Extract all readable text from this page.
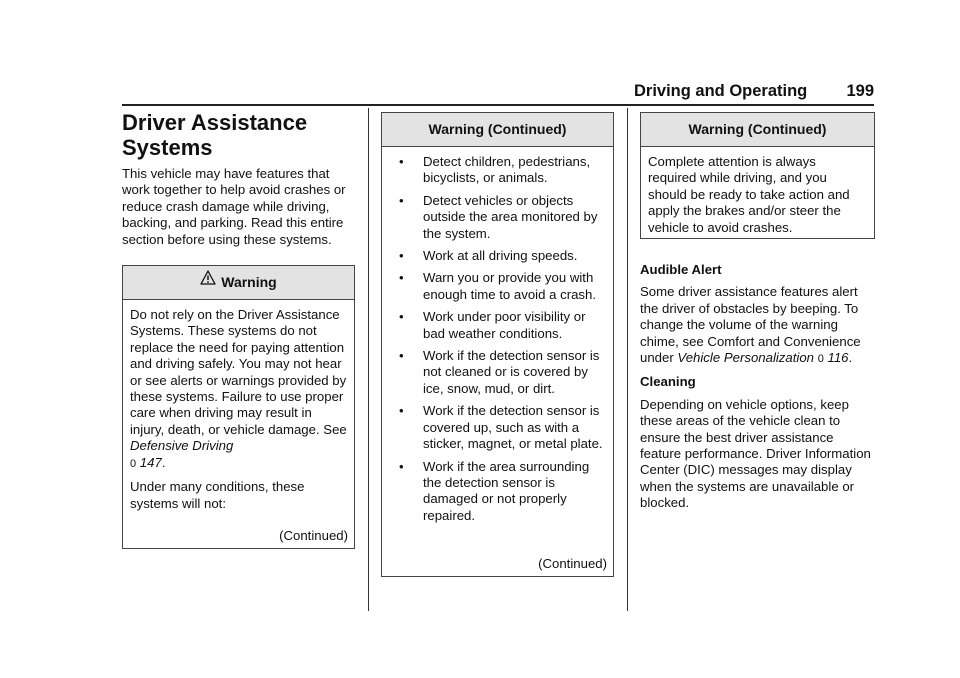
Driving and Operating 199
Driver Assistance
Systems

This vehicle may have features that work together to help avoid crashes or reduce crash damage while driving, backing, and parking. Read this entire section before using these systems.

Warning

Do not rely on the Driver Assistance Systems. These systems do not replace the need for paying attention and driving safely. You may not hear or see alerts or warnings provided by these systems. Failure to use proper care when driving may result in injury, death, or vehicle damage. See Defensive Driving
0 147.

Under many conditions, these systems will not:

(Continued)
Warning (Continued)
• Detect children, pedestrians, bicyclists, or animals.
• Detect vehicles or objects outside the area monitored by the system.
• Work at all driving speeds.
• Warn you or provide you with enough time to avoid a crash.
• Work under poor visibility or bad weather conditions.
• Work if the detection sensor is not cleaned or is covered by ice, snow, mud, or dirt.
• Work if the detection sensor is covered up, such as with a sticker, magnet, or metal plate.
• Work if the area surrounding the detection sensor is damaged or not properly repaired.
(Continued)
Warning (Continued)

Complete attention is always required while driving, and you should be ready to take action and apply the brakes and/or steer the vehicle to avoid crashes.

Audible Alert

Some driver assistance features alert the driver of obstacles by beeping. To change the volume of the warning chime, see Comfort and Convenience under Vehicle Personalization 0 116.

Cleaning

Depending on vehicle options, keep these areas of the vehicle clean to ensure the best driver assistance feature performance. Driver Information Center (DIC) messages may display when the systems are unavailable or blocked.
